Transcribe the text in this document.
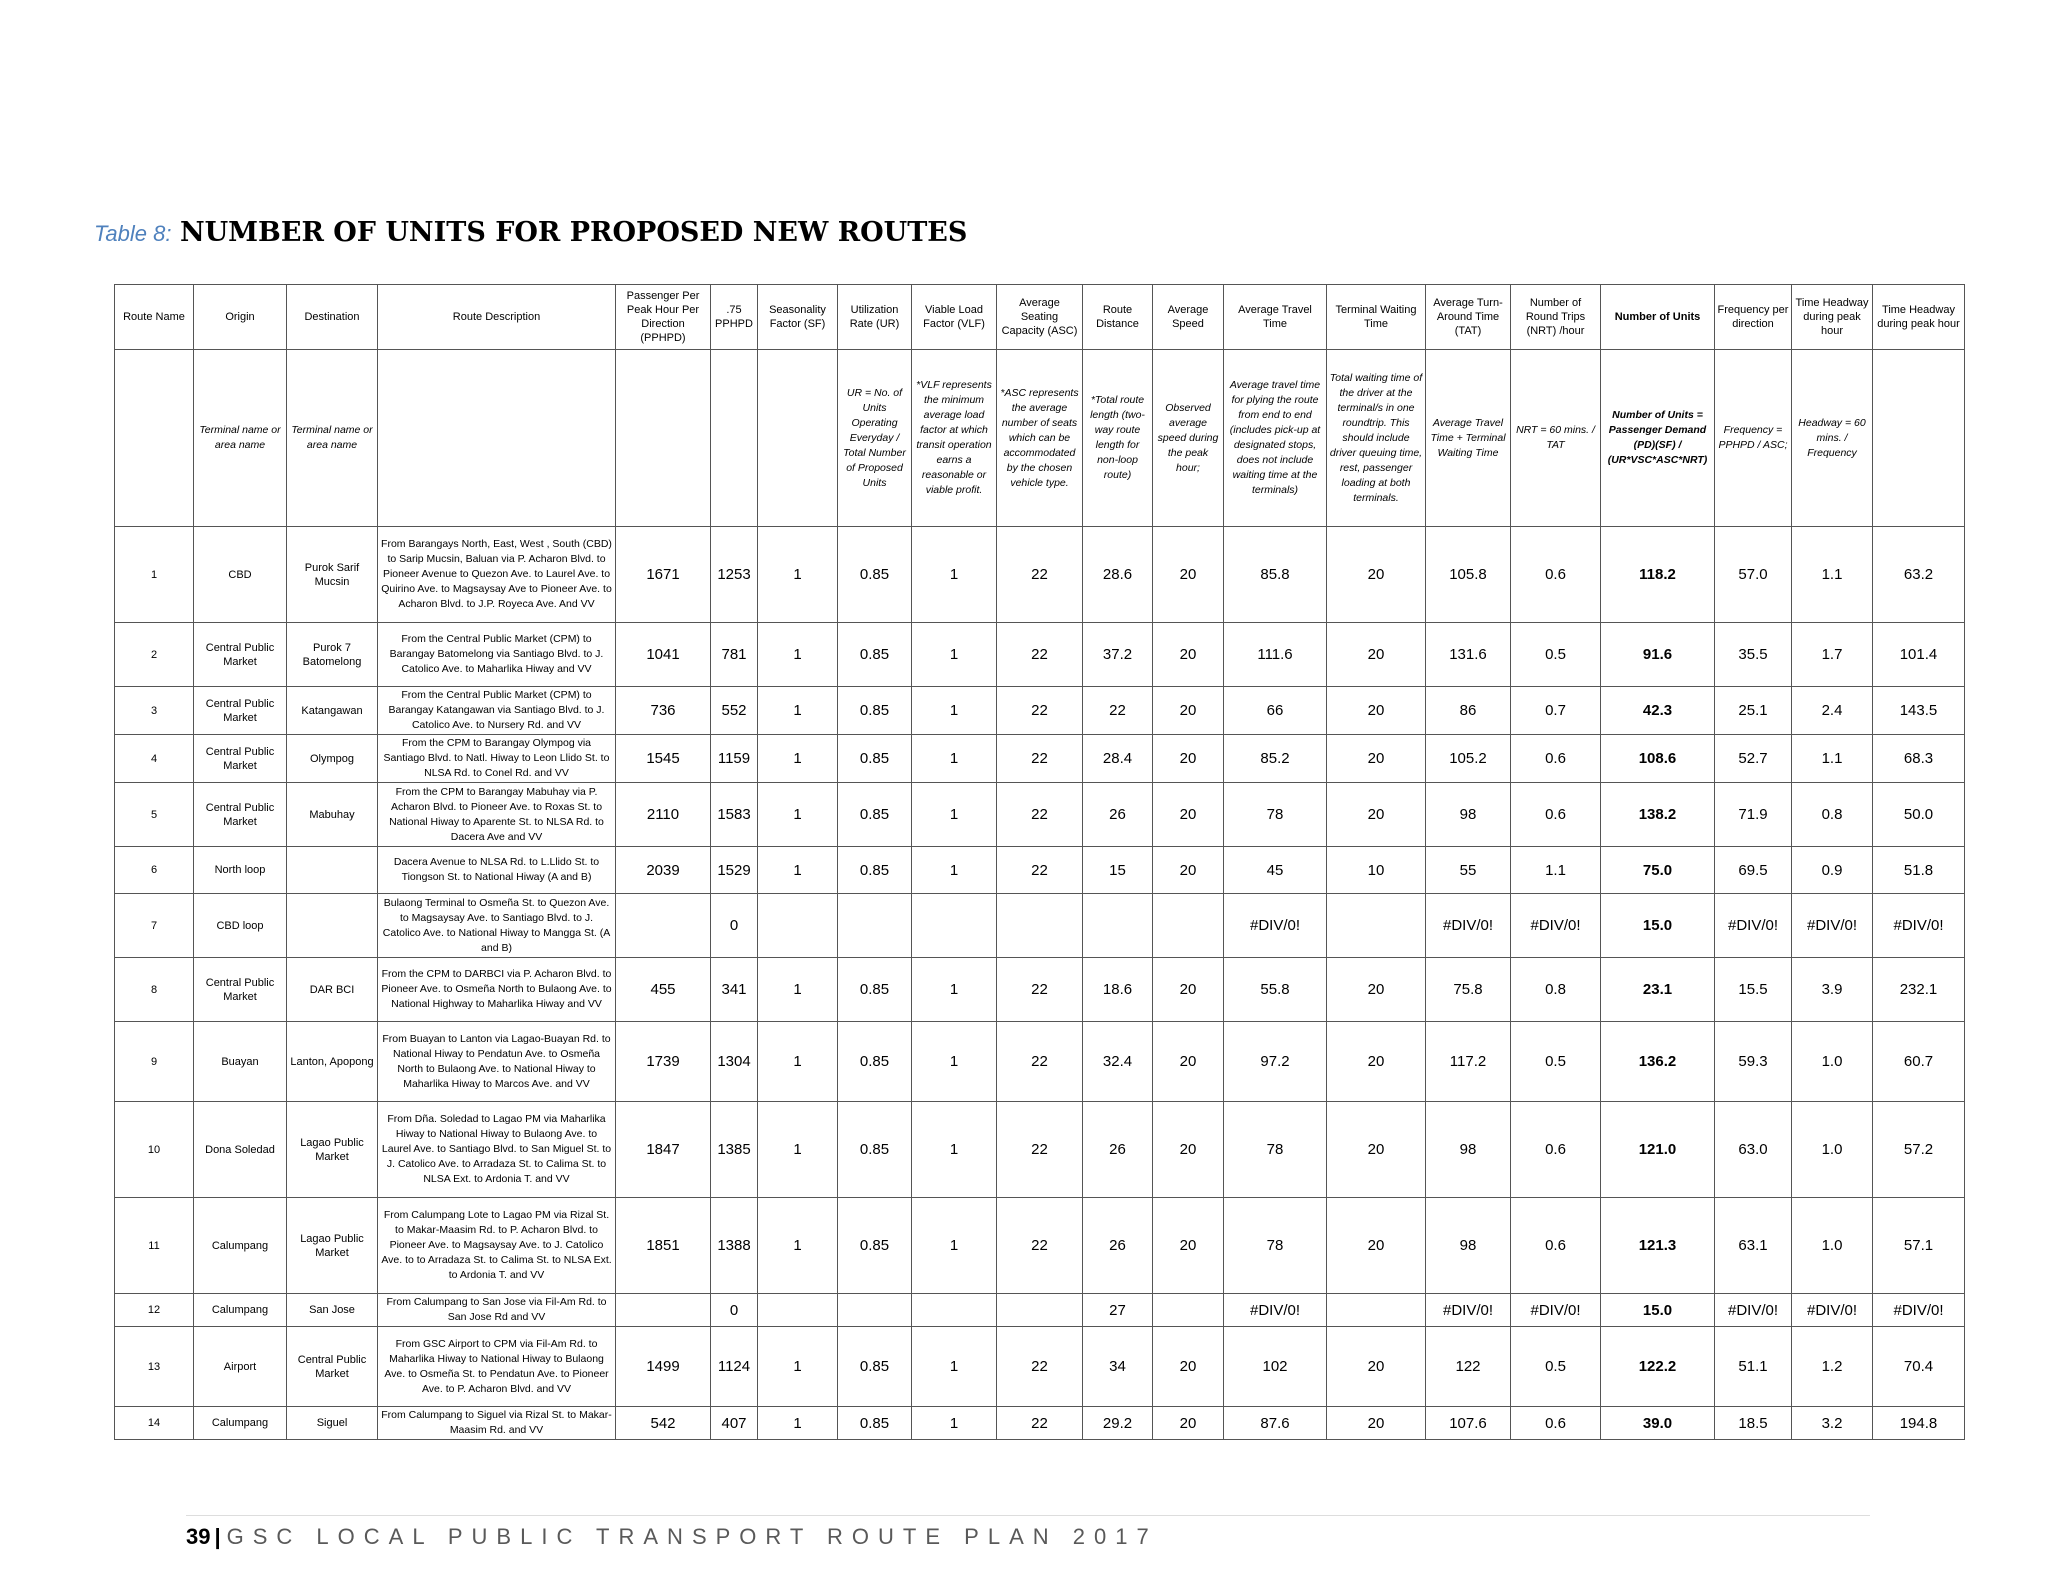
Table 8: NUMBER OF UNITS FOR PROPOSED NEW ROUTES
Route Name	Origin	Destination	Route Description	Passenger Per Peak Hour Per Direction (PPHPD)	.75 PPHPD	Seasonality Factor (SF)	Utilization Rate (UR)	Viable Load Factor (VLF)	Average Seating Capacity (ASC)	Route Distance	Average Speed	Average Travel Time	Terminal Waiting Time	Average Turn-Around Time (TAT)	Number of Round Trips (NRT) /hour	Number of Units	Frequency per direction	Time Headway during peak hour	Time Headway during peak hour
	Terminal name or area name	Terminal name or area name					UR = No. of Units Operating Everyday / Total Number of Proposed Units	*VLF represents the minimum average load factor at which transit operation earns a reasonable or viable profit.	*ASC represents the average number of seats which can be accommodated by the chosen vehicle type.	*Total route length (two-way route length for non-loop route)	Observed average speed during the peak hour;	Average travel time for plying the route from end to end (includes pick-up at designated stops, does not include waiting time at the terminals)	Total waiting time of the driver at the terminal/s in one roundtrip. This should include driver queuing time, rest, passenger loading at both terminals.	Average Travel Time + Terminal Waiting Time	NRT = 60 mins. / TAT	Number of Units = Passenger Demand (PD)(SF) / (UR*VSC*ASC*NRT)	Frequency = PPHPD / ASC;	Headway = 60 mins. / Frequency	
1	CBD	Purok Sarif Mucsin	From Barangays North, East, West , South (CBD) to Sarip Mucsin, Baluan via P. Acharon Blvd. to Pioneer Avenue to Quezon Ave. to Laurel Ave. to Quirino Ave. to Magsaysay Ave to Pioneer Ave. to Acharon Blvd. to J.P. Royeca Ave. And VV	1671	1253	1	0.85	1	22	28.6	20	85.8	20	105.8	0.6	118.2	57.0	1.1	63.2
2	Central Public Market	Purok 7 Batomelong	From the Central Public Market (CPM) to Barangay Batomelong via Santiago Blvd. to J. Catolico Ave. to Maharlika Hiway and VV	1041	781	1	0.85	1	22	37.2	20	111.6	20	131.6	0.5	91.6	35.5	1.7	101.4
3	Central Public Market	Katangawan	From the Central Public Market (CPM) to Barangay Katangawan via Santiago Blvd. to J. Catolico Ave. to Nursery Rd. and VV	736	552	1	0.85	1	22	22	20	66	20	86	0.7	42.3	25.1	2.4	143.5
4	Central Public Market	Olympog	From the CPM to Barangay Olympog via Santiago Blvd. to Natl. Hiway to Leon Llido St. to NLSA Rd. to Conel Rd. and VV	1545	1159	1	0.85	1	22	28.4	20	85.2	20	105.2	0.6	108.6	52.7	1.1	68.3
5	Central Public Market	Mabuhay	From the CPM to Barangay Mabuhay via P. Acharon Blvd. to Pioneer Ave. to Roxas St. to National Hiway to Aparente St. to NLSA Rd. to Dacera Ave and VV	2110	1583	1	0.85	1	22	26	20	78	20	98	0.6	138.2	71.9	0.8	50.0
6	North loop		Dacera Avenue to NLSA Rd. to L.Llido St. to Tiongson St. to National Hiway (A and B)	2039	1529	1	0.85	1	22	15	20	45	10	55	1.1	75.0	69.5	0.9	51.8
7	CBD loop		Bulaong Terminal to Osmeña St. to Quezon Ave. to Magsaysay Ave. to Santiago Blvd. to J. Catolico Ave. to National Hiway to Mangga St. (A and B)		0							#DIV/0!		#DIV/0!	#DIV/0!	15.0	#DIV/0!	#DIV/0!	#DIV/0!
8	Central Public Market	DAR BCI	From the CPM to DARBCI via P. Acharon Blvd. to Pioneer Ave. to Osmeña North to Bulaong Ave. to National Highway to Maharlika Hiway and VV	455	341	1	0.85	1	22	18.6	20	55.8	20	75.8	0.8	23.1	15.5	3.9	232.1
9	Buayan	Lanton, Apopong	From Buayan to Lanton via Lagao-Buayan Rd. to National Hiway to Pendatun Ave. to Osmeña North to Bulaong Ave. to National Hiway to Maharlika Hiway to Marcos Ave. and VV	1739	1304	1	0.85	1	22	32.4	20	97.2	20	117.2	0.5	136.2	59.3	1.0	60.7
10	Dona Soledad	Lagao Public Market	From Dña. Soledad to Lagao PM via Maharlika Hiway to National Hiway to Bulaong Ave. to Laurel Ave. to Santiago Blvd. to San Miguel St. to J. Catolico Ave. to Arradaza St. to Calima St. to NLSA Ext. to Ardonia T. and VV	1847	1385	1	0.85	1	22	26	20	78	20	98	0.6	121.0	63.0	1.0	57.2
11	Calumpang	Lagao Public Market	From Calumpang Lote to Lagao PM via Rizal St. to Makar-Maasim Rd. to P. Acharon Blvd. to Pioneer Ave. to Magsaysay Ave. to J. Catolico Ave. to to Arradaza St. to Calima St. to NLSA Ext. to Ardonia T. and VV	1851	1388	1	0.85	1	22	26	20	78	20	98	0.6	121.3	63.1	1.0	57.1
12	Calumpang	San Jose	From Calumpang to San Jose via Fil-Am Rd. to San Jose Rd and VV		0					27		#DIV/0!		#DIV/0!	#DIV/0!	15.0	#DIV/0!	#DIV/0!	#DIV/0!
13	Airport	Central Public Market	From GSC Airport to CPM via Fil-Am Rd. to Maharlika Hiway to National Hiway to Bulaong Ave. to Osmeña St. to Pendatun Ave. to Pioneer Ave. to P. Acharon Blvd. and VV	1499	1124	1	0.85	1	22	34	20	102	20	122	0.5	122.2	51.1	1.2	70.4
14	Calumpang	Siguel	From Calumpang to Siguel via Rizal St. to Makar-Maasim Rd. and VV	542	407	1	0.85	1	22	29.2	20	87.6	20	107.6	0.6	39.0	18.5	3.2	194.8
39 | GSC LOCAL PUBLIC TRANSPORT ROUTE PLAN 2017
